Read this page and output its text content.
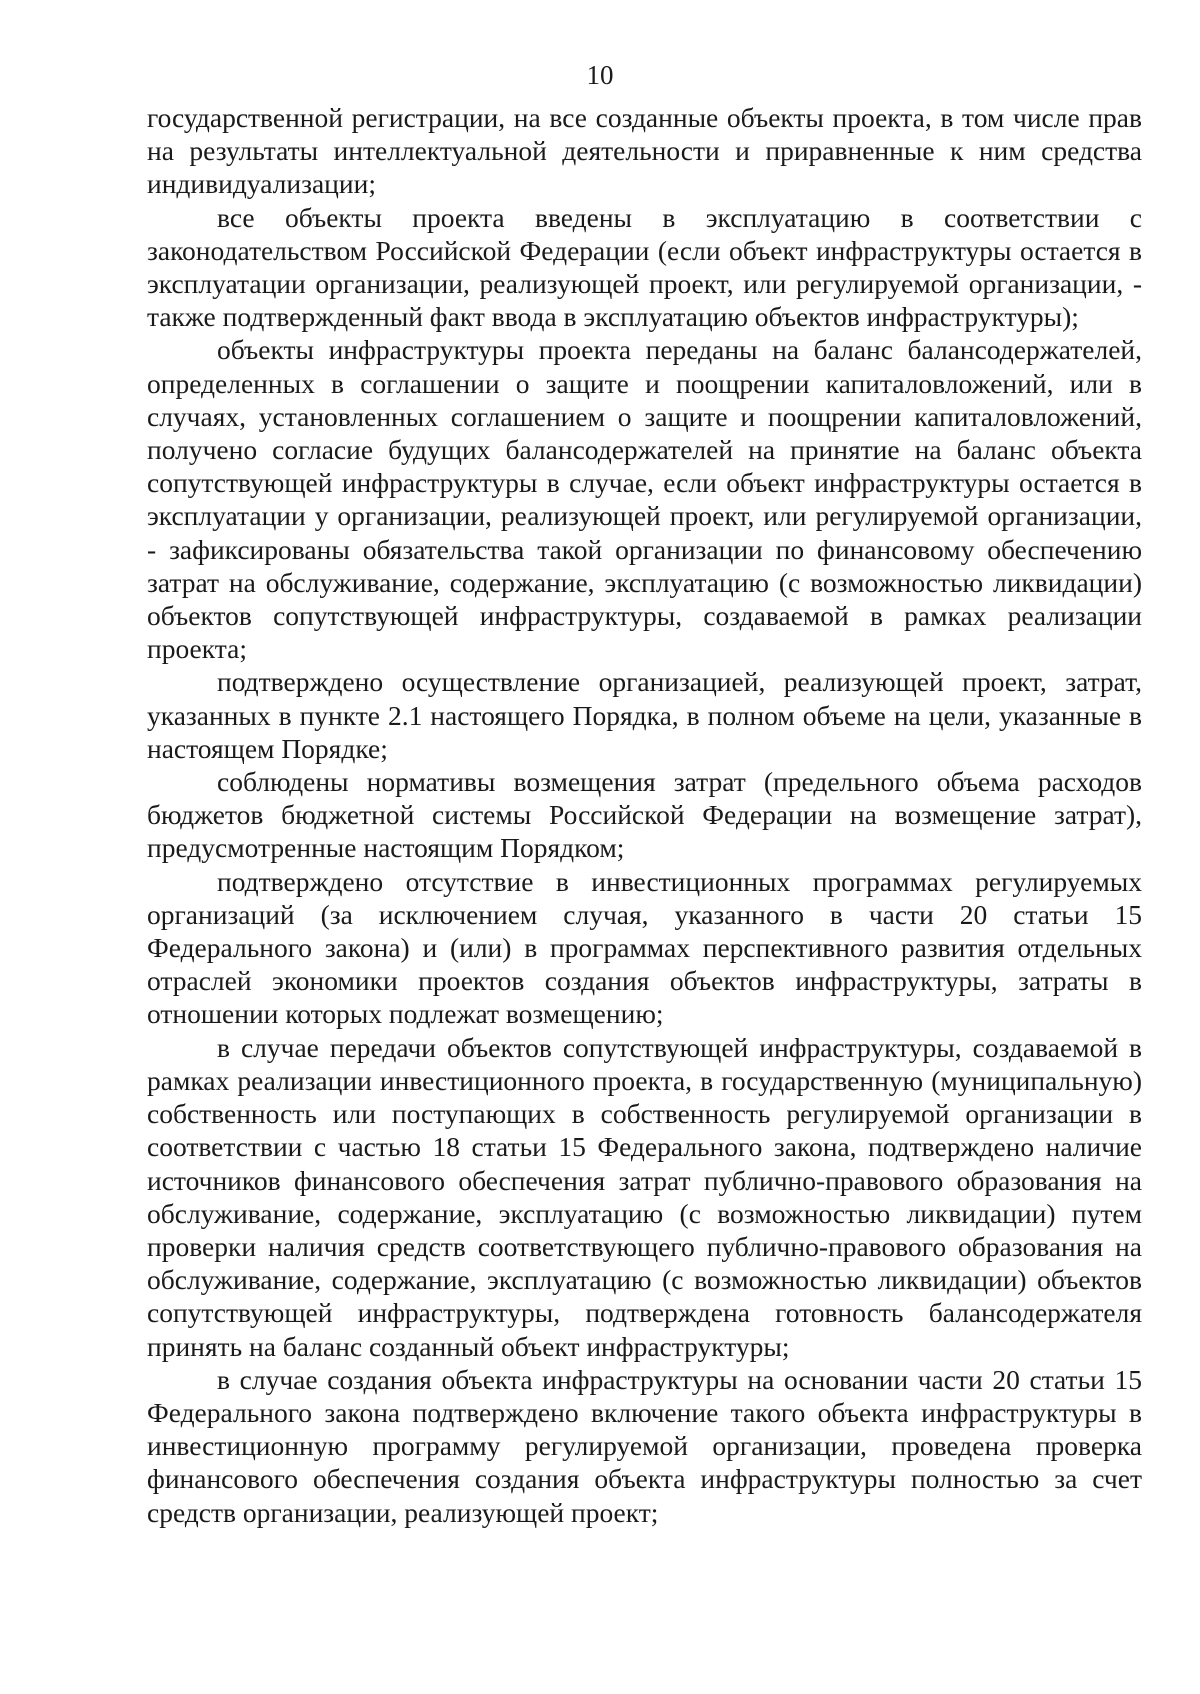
10

государственной регистрации, на все созданные объекты проекта, в том числе прав на результаты интеллектуальной деятельности и приравненные к ним средства индивидуализации;

все объекты проекта введены в эксплуатацию в соответствии с законодательством Российской Федерации (если объект инфраструктуры остается в эксплуатации организации, реализующей проект, или регулируемой организации, - также подтвержденный факт ввода в эксплуатацию объектов инфраструктуры);

объекты инфраструктуры проекта переданы на баланс балансодержателей, определенных в соглашении о защите и поощрении капиталовложений, или в случаях, установленных соглашением о защите и поощрении капиталовложений, получено согласие будущих балансодержателей на принятие на баланс объекта сопутствующей инфраструктуры в случае, если объект инфраструктуры остается в эксплуатации у организации, реализующей проект, или регулируемой организации, - зафиксированы обязательства такой организации по финансовому обеспечению затрат на обслуживание, содержание, эксплуатацию (с возможностью ликвидации) объектов сопутствующей инфраструктуры, создаваемой в рамках реализации проекта;

подтверждено осуществление организацией, реализующей проект, затрат, указанных в пункте 2.1 настоящего Порядка, в полном объеме на цели, указанные в настоящем Порядке;

соблюдены нормативы возмещения затрат (предельного объема расходов бюджетов бюджетной системы Российской Федерации на возмещение затрат), предусмотренные настоящим Порядком;

подтверждено отсутствие в инвестиционных программах регулируемых организаций (за исключением случая, указанного в части 20 статьи 15 Федерального закона) и (или) в программах перспективного развития отдельных отраслей экономики проектов создания объектов инфраструктуры, затраты в отношении которых подлежат возмещению;

в случае передачи объектов сопутствующей инфраструктуры, создаваемой в рамках реализации инвестиционного проекта, в государственную (муниципальную) собственность или поступающих в собственность регулируемой организации в соответствии с частью 18 статьи 15 Федерального закона, подтверждено наличие источников финансового обеспечения затрат публично-правового образования на обслуживание, содержание, эксплуатацию (с возможностью ликвидации) путем проверки наличия средств соответствующего публично-правового образования на обслуживание, содержание, эксплуатацию (с возможностью ликвидации) объектов сопутствующей инфраструктуры, подтверждена готовность балансодержателя принять на баланс созданный объект инфраструктуры;

в случае создания объекта инфраструктуры на основании части 20 статьи 15 Федерального закона подтверждено включение такого объекта инфраструктуры в инвестиционную программу регулируемой организации, проведена проверка финансового обеспечения создания объекта инфраструктуры полностью за счет средств организации, реализующей проект;
